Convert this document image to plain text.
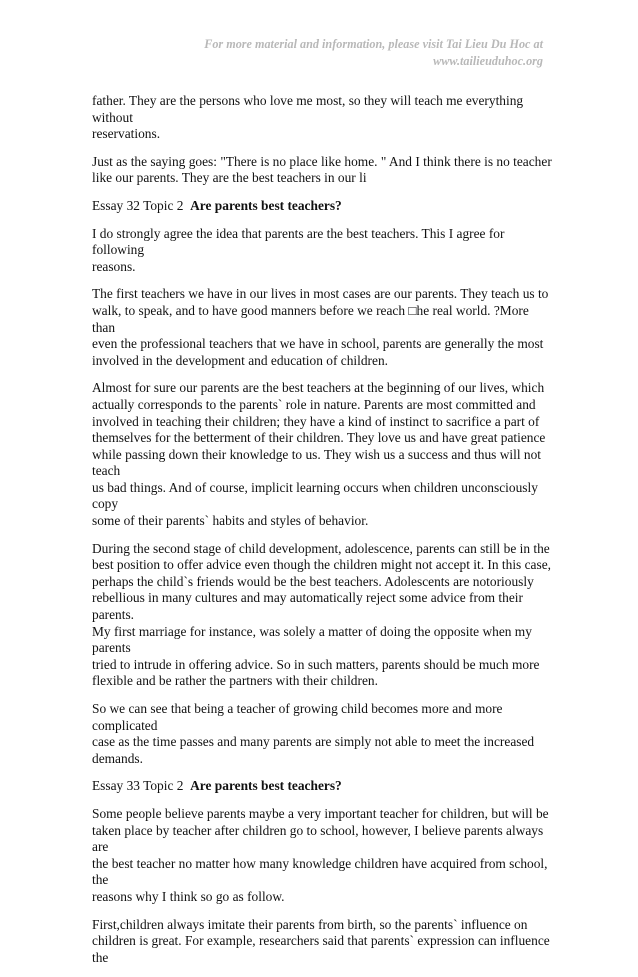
For more material and information, please visit Tai Lieu Du Hoc at
www.tailieuduhoc.org

father. They are the persons who love me most, so they will teach me everything without
reservations.

Just as the saying goes: "There is no place like home. " And I think there is no teacher
like our parents. They are the best teachers in our li

Essay 32 Topic 2 Are parents best teachers?

I do strongly agree the idea that parents are the best teachers. This I agree for following
reasons.

The first teachers we have in our lives in most cases are our parents. They teach us to
walk, to speak, and to have good manners before we reach □he real world. ?More than
even the professional teachers that we have in school, parents are generally the most
involved in the development and education of children.

Almost for sure our parents are the best teachers at the beginning of our lives, which
actually corresponds to the parents` role in nature. Parents are most committed and
involved in teaching their children; they have a kind of instinct to sacrifice a part of
themselves for the betterment of their children. They love us and have great patience
while passing down their knowledge to us. They wish us a success and thus will not teach
us bad things. And of course, implicit learning occurs when children unconsciously copy
some of their parents` habits and styles of behavior.

During the second stage of child development, adolescence, parents can still be in the
best position to offer advice even though the children might not accept it. In this case,
perhaps the child`s friends would be the best teachers. Adolescents are notoriously
rebellious in many cultures and may automatically reject some advice from their parents.
My first marriage for instance, was solely a matter of doing the opposite when my parents
tried to intrude in offering advice. So in such matters, parents should be much more
flexible and be rather the partners with their children.

So we can see that being a teacher of growing child becomes more and more complicated
case as the time passes and many parents are simply not able to meet the increased
demands.

Essay 33 Topic 2 Are parents best teachers?

Some people believe parents maybe a very important teacher for children, but will be
taken place by teacher after children go to school, however, I believe parents always are
the best teacher no matter how many knowledge children have acquired from school, the
reasons why I think so go as follow.

First,children always imitate their parents from birth, so the parents` influence on
children is great. For example, researchers said that parents` expression can influence the
